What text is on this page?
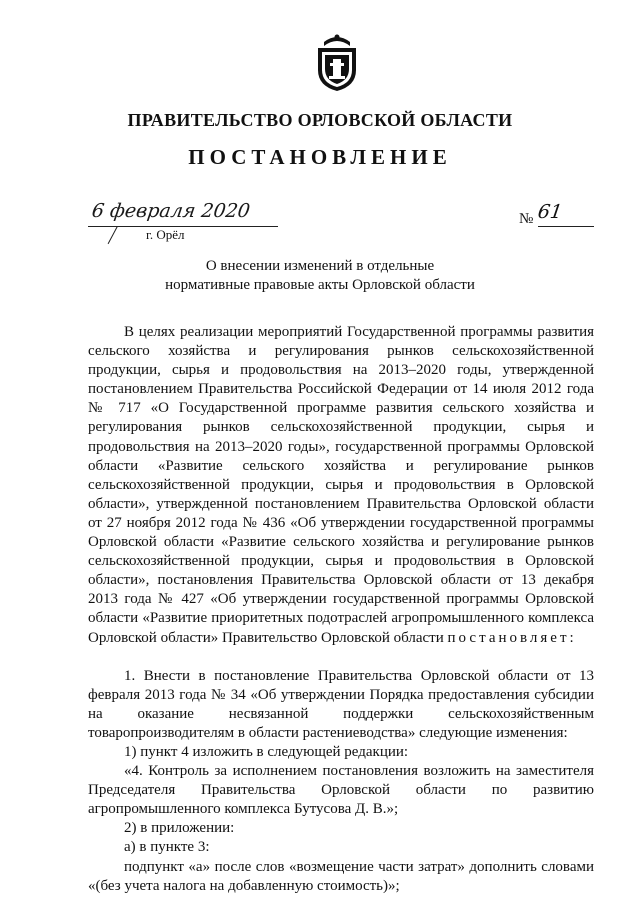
ПРАВИТЕЛЬСТВО ОРЛОВСКОЙ ОБЛАСТИ
ПОСТАНОВЛЕНИЕ
6 февраля 2020
г. Орёл
№ 61
О внесении изменений в отдельные
нормативные правовые акты Орловской области

В целях реализации мероприятий Государственной программы развития сельского хозяйства и регулирования рынков сельскохозяйственной продукции, сырья и продовольствия на 2013–2020 годы, утвержденной постановлением Правительства Российской Федерации от 14 июля 2012 года № 717 «О Государственной программе развития сельского хозяйства и регулирования рынков сельскохозяйственной продукции, сырья и продовольствия на 2013–2020 годы», государственной программы Орловской области «Развитие сельского хозяйства и регулирование рынков сельскохозяйственной продукции, сырья и продовольствия в Орловской области», утвержденной постановлением Правительства Орловской области от 27 ноября 2012 года № 436 «Об утверждении государственной программы Орловской области «Развитие сельского хозяйства и регулирование рынков сельскохозяйственной продукции, сырья и продовольствия в Орловской области», постановления Правительства Орловской области от 13 декабря 2013 года № 427 «Об утверждении государственной программы Орловской области «Развитие приоритетных подотраслей агропромышленного комплекса Орловской области» Правительство Орловской области постановляет:

1. Внести в постановление Правительства Орловской области от 13 февраля 2013 года № 34 «Об утверждении Порядка предоставления субсидии на оказание несвязанной поддержки сельскохозяйственным товаропроизводителям в области растениеводства» следующие изменения:

1) пункт 4 изложить в следующей редакции:

«4. Контроль за исполнением постановления возложить на заместителя Председателя Правительства Орловской области по развитию агропромышленного комплекса Бутусова Д. В.»;

2) в приложении:

а) в пункте 3:

подпункт «а» после слов «возмещение части затрат» дополнить словами «(без учета налога на добавленную стоимость)»;
